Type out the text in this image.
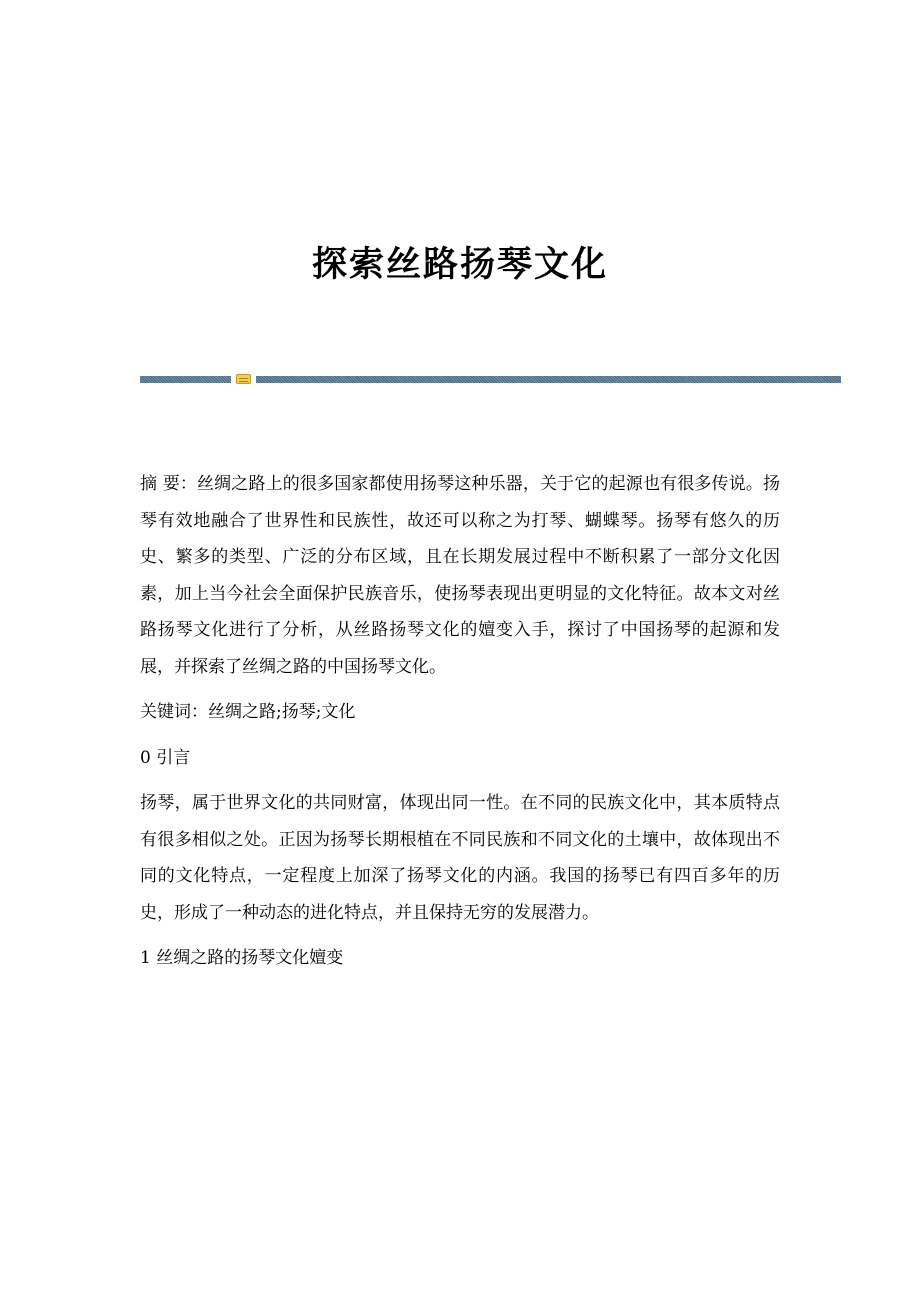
探索丝路扬琴文化

摘 要：丝绸之路上的很多国家都使用扬琴这种乐器，关于它的起源也有很多传说。扬琴有效地融合了世界性和民族性，故还可以称之为打琴、蝴蝶琴。扬琴有悠久的历史、繁多的类型、广泛的分布区域，且在长期发展过程中不断积累了一部分文化因素，加上当今社会全面保护民族音乐，使扬琴表现出更明显的文化特征。故本文对丝路扬琴文化进行了分析，从丝路扬琴文化的嬗变入手，探讨了中国扬琴的起源和发展，并探索了丝绸之路的中国扬琴文化。

关键词：丝绸之路;扬琴;文化

0 引言

扬琴，属于世界文化的共同财富，体现出同一性。在不同的民族文化中，其本质特点有很多相似之处。正因为扬琴长期根植在不同民族和不同文化的土壤中，故体现出不同的文化特点，一定程度上加深了扬琴文化的内涵。我国的扬琴已有四百多年的历史，形成了一种动态的进化特点，并且保持无穷的发展潜力。

1 丝绸之路的扬琴文化嬗变
